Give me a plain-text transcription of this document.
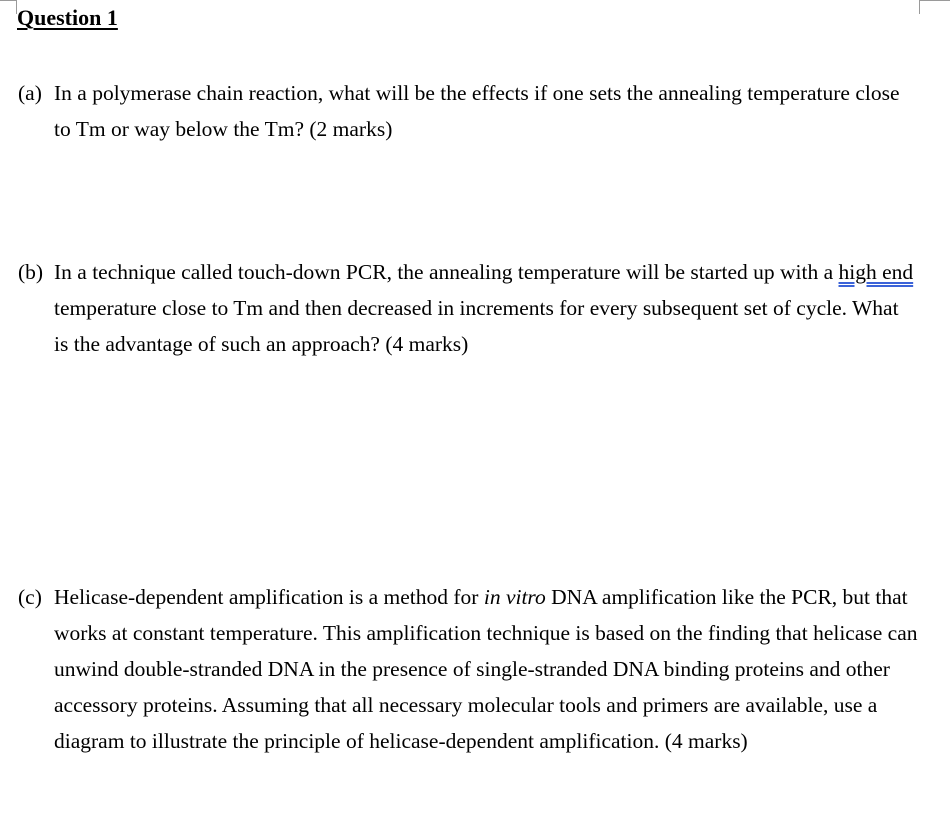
Question 1
(a) In a polymerase chain reaction, what will be the effects if one sets the annealing temperature close to Tm or way below the Tm? (2 marks)
(b) In a technique called touch-down PCR, the annealing temperature will be started up with a high end temperature close to Tm and then decreased in increments for every subsequent set of cycle. What is the advantage of such an approach? (4 marks)
(c) Helicase-dependent amplification is a method for in vitro DNA amplification like the PCR, but that works at constant temperature. This amplification technique is based on the finding that helicase can unwind double-stranded DNA in the presence of single-stranded DNA binding proteins and other accessory proteins. Assuming that all necessary molecular tools and primers are available, use a diagram to illustrate the principle of helicase-dependent amplification. (4 marks)
